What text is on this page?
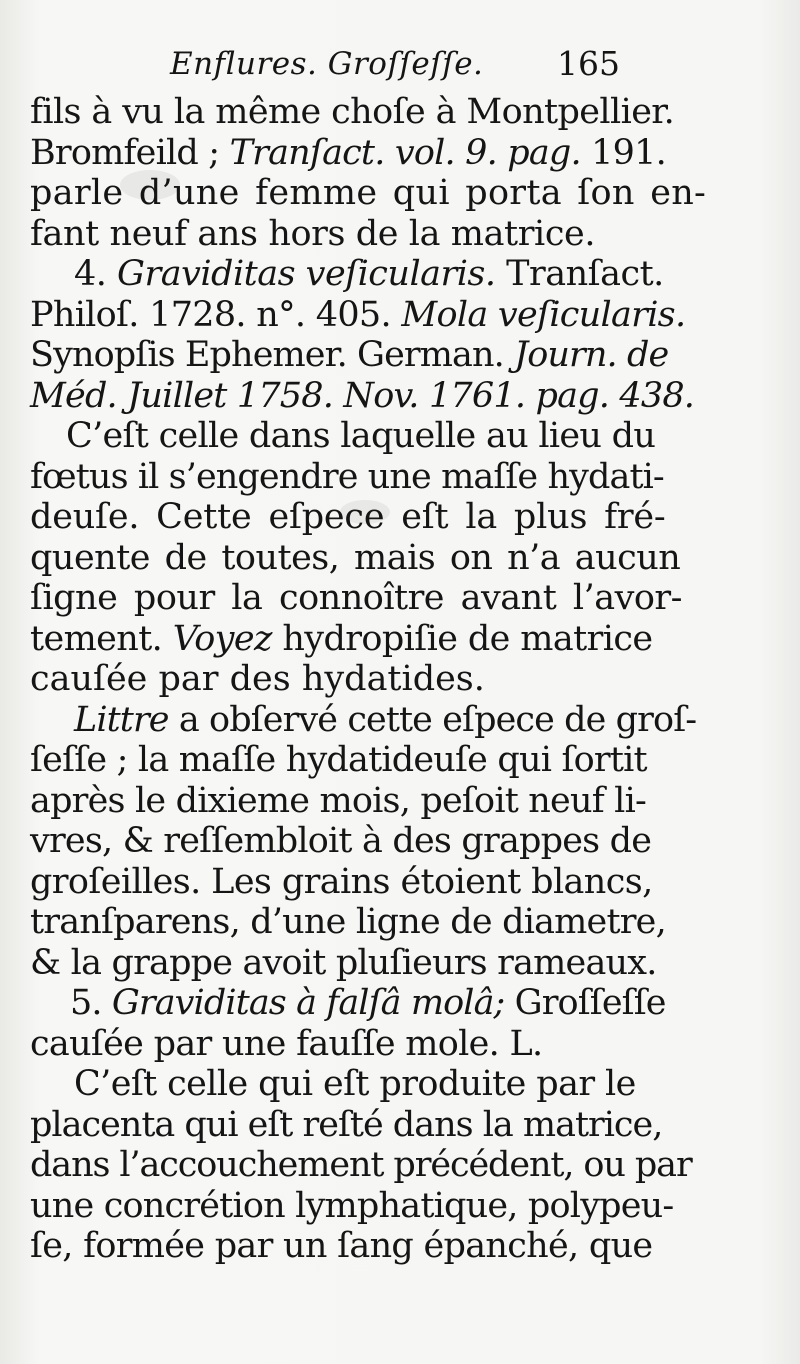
Enflures. Groſſeſſe. 165
fils à vu la même choſe à Montpellier.
Bromfeild ; Tranſact. vol. 9. pag. 191.
parle d’une femme qui porta ſon en-
fant neuf ans hors de la matrice.
4. Graviditas veſicularis. Tranſact.
Philoſ. 1728. n°. 405. Mola veſicularis.
Synopſis Ephemer. German. Journ. de
Méd. Juillet 1758. Nov. 1761. pag. 438.
C’eſt celle dans laquelle au lieu du
fœtus il s’engendre une maſſe hydati-
deuſe. Cette eſpece eſt la plus fré-
quente de toutes, mais on n’a aucun
ſigne pour la connoître avant l’avor-
tement. Voyez hydropiſie de matrice
cauſée par des hydatides.
Littre a obſervé cette eſpece de groſ-
ſeſſe ; la maſſe hydatideuſe qui ſortit
après le dixieme mois, peſoit neuf li-
vres, & reſſembloit à des grappes de
groſeilles. Les grains étoient blancs,
tranſparens, d’une ligne de diametre,
& la grappe avoit pluſieurs rameaux.
5. Graviditas à falſâ molâ; Groſſeſſe
cauſée par une fauſſe mole. L.
C’eſt celle qui eſt produite par le
placenta qui eſt reſté dans la matrice,
dans l’accouchement précédent, ou par
une concrétion lymphatique, polypeu-
ſe, formée par un ſang épanché, que
